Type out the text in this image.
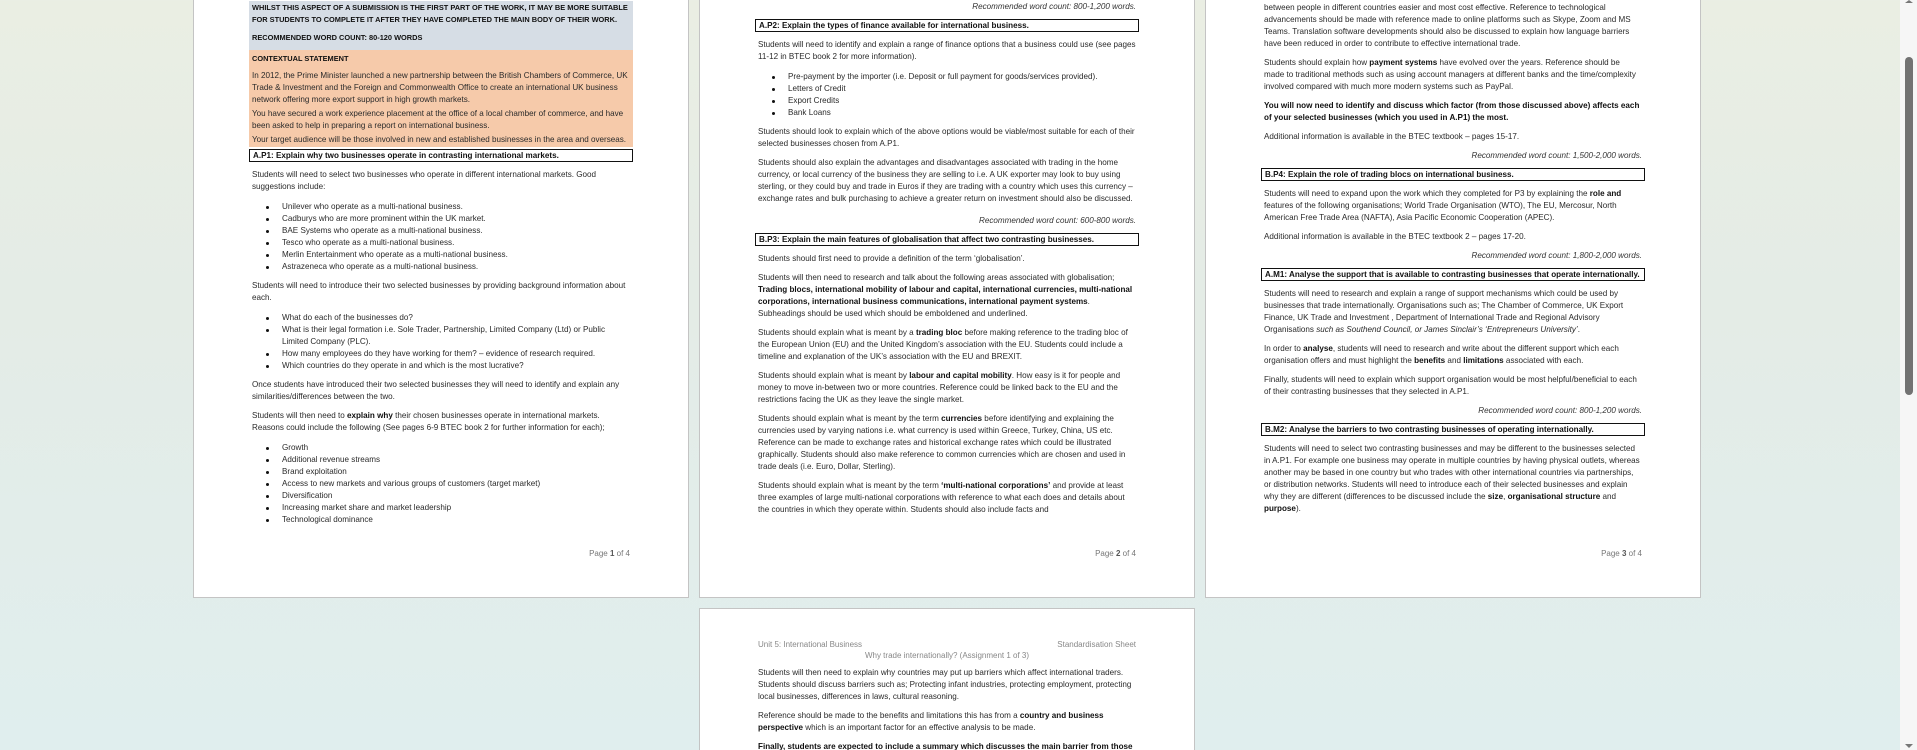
WHILST THIS ASPECT OF A SUBMISSION IS THE FIRST PART OF THE WORK, IT MAY BE MORE SUITABLE FOR STUDENTS TO COMPLETE IT AFTER THEY HAVE COMPLETED THE MAIN BODY OF THEIR WORK.
RECOMMENDED WORD COUNT: 80-120 WORDS
CONTEXTUAL STATEMENT
In 2012, the Prime Minister launched a new partnership between the British Chambers of Commerce, UK Trade & Investment and the Foreign and Commonwealth Office to create an international UK business network offering more export support in high growth markets.
You have secured a work experience placement at the office of a local chamber of commerce, and have been asked to help in preparing a report on international business.
Your target audience will be those involved in new and established businesses in the area and overseas.
A.P1: Explain why two businesses operate in contrasting international markets.
Students will need to select two businesses who operate in different international markets. Good suggestions include:
Unilever who operate as a multi-national business.
Cadburys who are more prominent within the UK market.
BAE Systems who operate as a multi-national business.
Tesco who operate as a multi-national business.
Merlin Entertainment who operate as a multi-national business.
Astrazeneca who operate as a multi-national business.
Students will need to introduce their two selected businesses by providing background information about each.
What do each of the businesses do?
What is their legal formation i.e. Sole Trader, Partnership, Limited Company (Ltd) or Public Limited Company (PLC).
How many employees do they have working for them? – evidence of research required.
Which countries do they operate in and which is the most lucrative?
Once students have introduced their two selected businesses they will need to identify and explain any similarities/differences between the two.
Students will then need to explain why their chosen businesses operate in international markets. Reasons could include the following (See pages 6-9 BTEC book 2 for further information for each);
Growth
Additional revenue streams
Brand exploitation
Access to new markets and various groups of customers (target market)
Diversification
Increasing market share and market leadership
Technological dominance
Page 1 of 4
Recommended word count: 800-1,200 words.
A.P2: Explain the types of finance available for international business.
Students will need to identify and explain a range of finance options that a business could use (see pages 11-12 in BTEC book 2 for more information).
Pre-payment by the importer (i.e. Deposit or full payment for goods/services provided).
Letters of Credit
Export Credits
Bank Loans
Students should look to explain which of the above options would be viable/most suitable for each of their selected businesses chosen from A.P1.
Students should also explain the advantages and disadvantages associated with trading in the home currency, or local currency of the business they are selling to i.e. A UK exporter may look to buy using sterling, or they could buy and trade in Euros if they are trading with a country which uses this currency – exchange rates and bulk purchasing to achieve a greater return on investment should also be discussed.
Recommended word count: 600-800 words.
B.P3: Explain the main features of globalisation that affect two contrasting businesses.
Students should first need to provide a definition of the term ‘globalisation’.
Students will then need to research and talk about the following areas associated with globalisation; Trading blocs, international mobility of labour and capital, international currencies, multi-national corporations, international business communications, international payment systems.
Subheadings should be used which should be emboldened and underlined.
Students should explain what is meant by a trading bloc before making reference to the trading bloc of the European Union (EU) and the United Kingdom’s association with the EU. Students could include a timeline and explanation of the UK’s association with the EU and BREXIT.
Students should explain what is meant by labour and capital mobility. How easy is it for people and money to move in-between two or more countries. Reference could be linked back to the EU and the restrictions facing the UK as they leave the single market.
Students should explain what is meant by the term currencies before identifying and explaining the currencies used by varying nations i.e. what currency is used within Greece, Turkey, China, US etc. Reference can be made to exchange rates and historical exchange rates which could be illustrated graphically. Students should also make reference to common currencies which are chosen and used in trade deals (i.e. Euro, Dollar, Sterling).
Students should explain what is meant by the term ‘multi-national corporations’ and provide at least three examples of large multi-national corporations with reference to what each does and details about the countries in which they operate within. Students should also include facts and
Page 2 of 4
between people in different countries easier and most cost effective. Reference to technological advancements should be made with reference made to online platforms such as Skype, Zoom and MS Teams. Translation software developments should also be discussed to explain how language barriers have been reduced in order to contribute to effective international trade.
Students should explain how payment systems have evolved over the years. Reference should be made to traditional methods such as using account managers at different banks and the time/complexity involved compared with much more modern systems such as PayPal.
You will now need to identify and discuss which factor (from those discussed above) affects each of your selected businesses (which you used in A.P1) the most.
Additional information is available in the BTEC textbook – pages 15-17.
Recommended word count: 1,500-2,000 words.
B.P4: Explain the role of trading blocs on international business.
Students will need to expand upon the work which they completed for P3 by explaining the role and features of the following organisations; World Trade Organisation (WTO), The EU, Mercosur, North American Free Trade Area (NAFTA), Asia Pacific Economic Cooperation (APEC).
Additional information is available in the BTEC textbook 2 – pages 17-20.
Recommended word count: 1,800-2,000 words.
A.M1: Analyse the support that is available to contrasting businesses that operate internationally.
Students will need to research and explain a range of support mechanisms which could be used by businesses that trade internationally. Organisations such as; The Chamber of Commerce, UK Export Finance, UK Trade and Investment , Department of International Trade and Regional Advisory Organisations such as Southend Council, or James Sinclair’s ‘Entrepreneurs University’.
In order to analyse, students will need to research and write about the different support which each organisation offers and must highlight the benefits and limitations associated with each.
Finally, students will need to explain which support organisation would be most helpful/beneficial to each of their contrasting businesses that they selected in A.P1.
Recommended word count: 800-1,200 words.
B.M2: Analyse the barriers to two contrasting businesses of operating internationally.
Students will need to select two contrasting businesses and may be different to the businesses selected in A.P1. For example one business may operate in multiple countries by having physical outlets, whereas another may be based in one country but who trades with other international countries via partnerships, or distribution networks. Students will need to introduce each of their selected businesses and explain why they are different (differences to be discussed include the size, organisational structure and purpose).
Page 3 of 4
Unit 5: International Business	Standardisation Sheet
Why trade internationally? (Assignment 1 of 3)
Students will then need to explain why countries may put up barriers which affect international traders. Students should discuss barriers such as; Protecting infant industries, protecting employment, protecting local businesses, differences in laws, cultural reasoning.
Reference should be made to the benefits and limitations this has from a country and business perspective which is an important factor for an effective analysis to be made.
Finally, students are expected to include a summary which discusses the main barrier from those
